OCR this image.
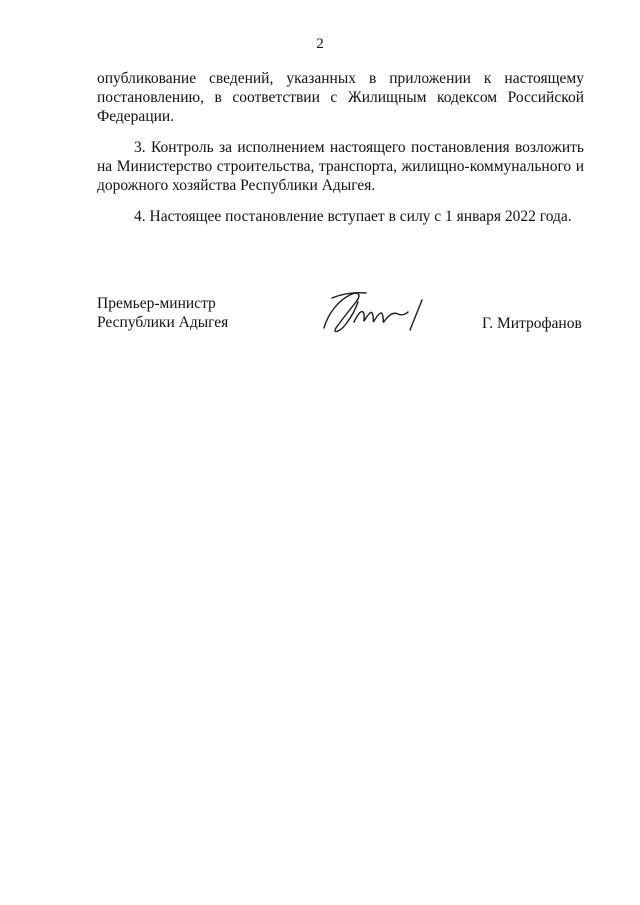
2
опубликование сведений, указанных в приложении к настоящему
постановлению, в соответствии с Жилищным кодексом Российской
Федерации.
3. Контроль за исполнением настоящего постановления возложить
на Министерство строительства, транспорта, жилищно-коммунального и
дорожного хозяйства Республики Адыгея.
4. Настоящее постановление вступает в силу с 1 января 2022 года.
Премьер-министр
Республики Адыгея	Г. Митрофанов
